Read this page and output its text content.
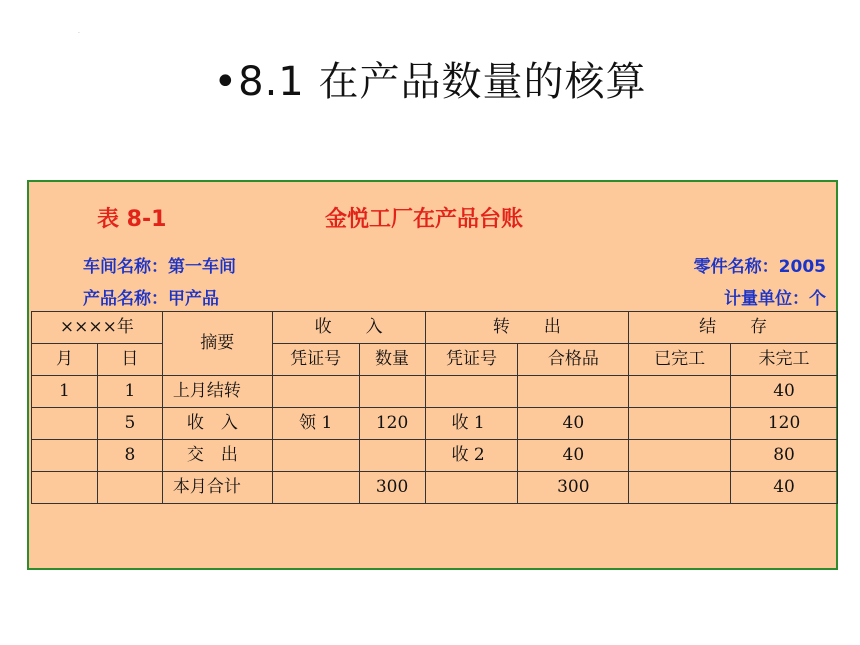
.
•8.1 在产品数量的核算
表 8-1	金悦工厂在产品台账
车间名称：第一车间
产品名称：甲产品
零件名称：2005
计量单位：个
××××年		摘要	收　　入		转　　出		结　　存	
月	日		凭证号	数量	凭证号	合格品	已完工	未完工
1	1	上月结转						40
	5	收　入	领 1	120	收 1	40		120
	8	交　出			收 2	40		80
		本月合计		300		300		40
